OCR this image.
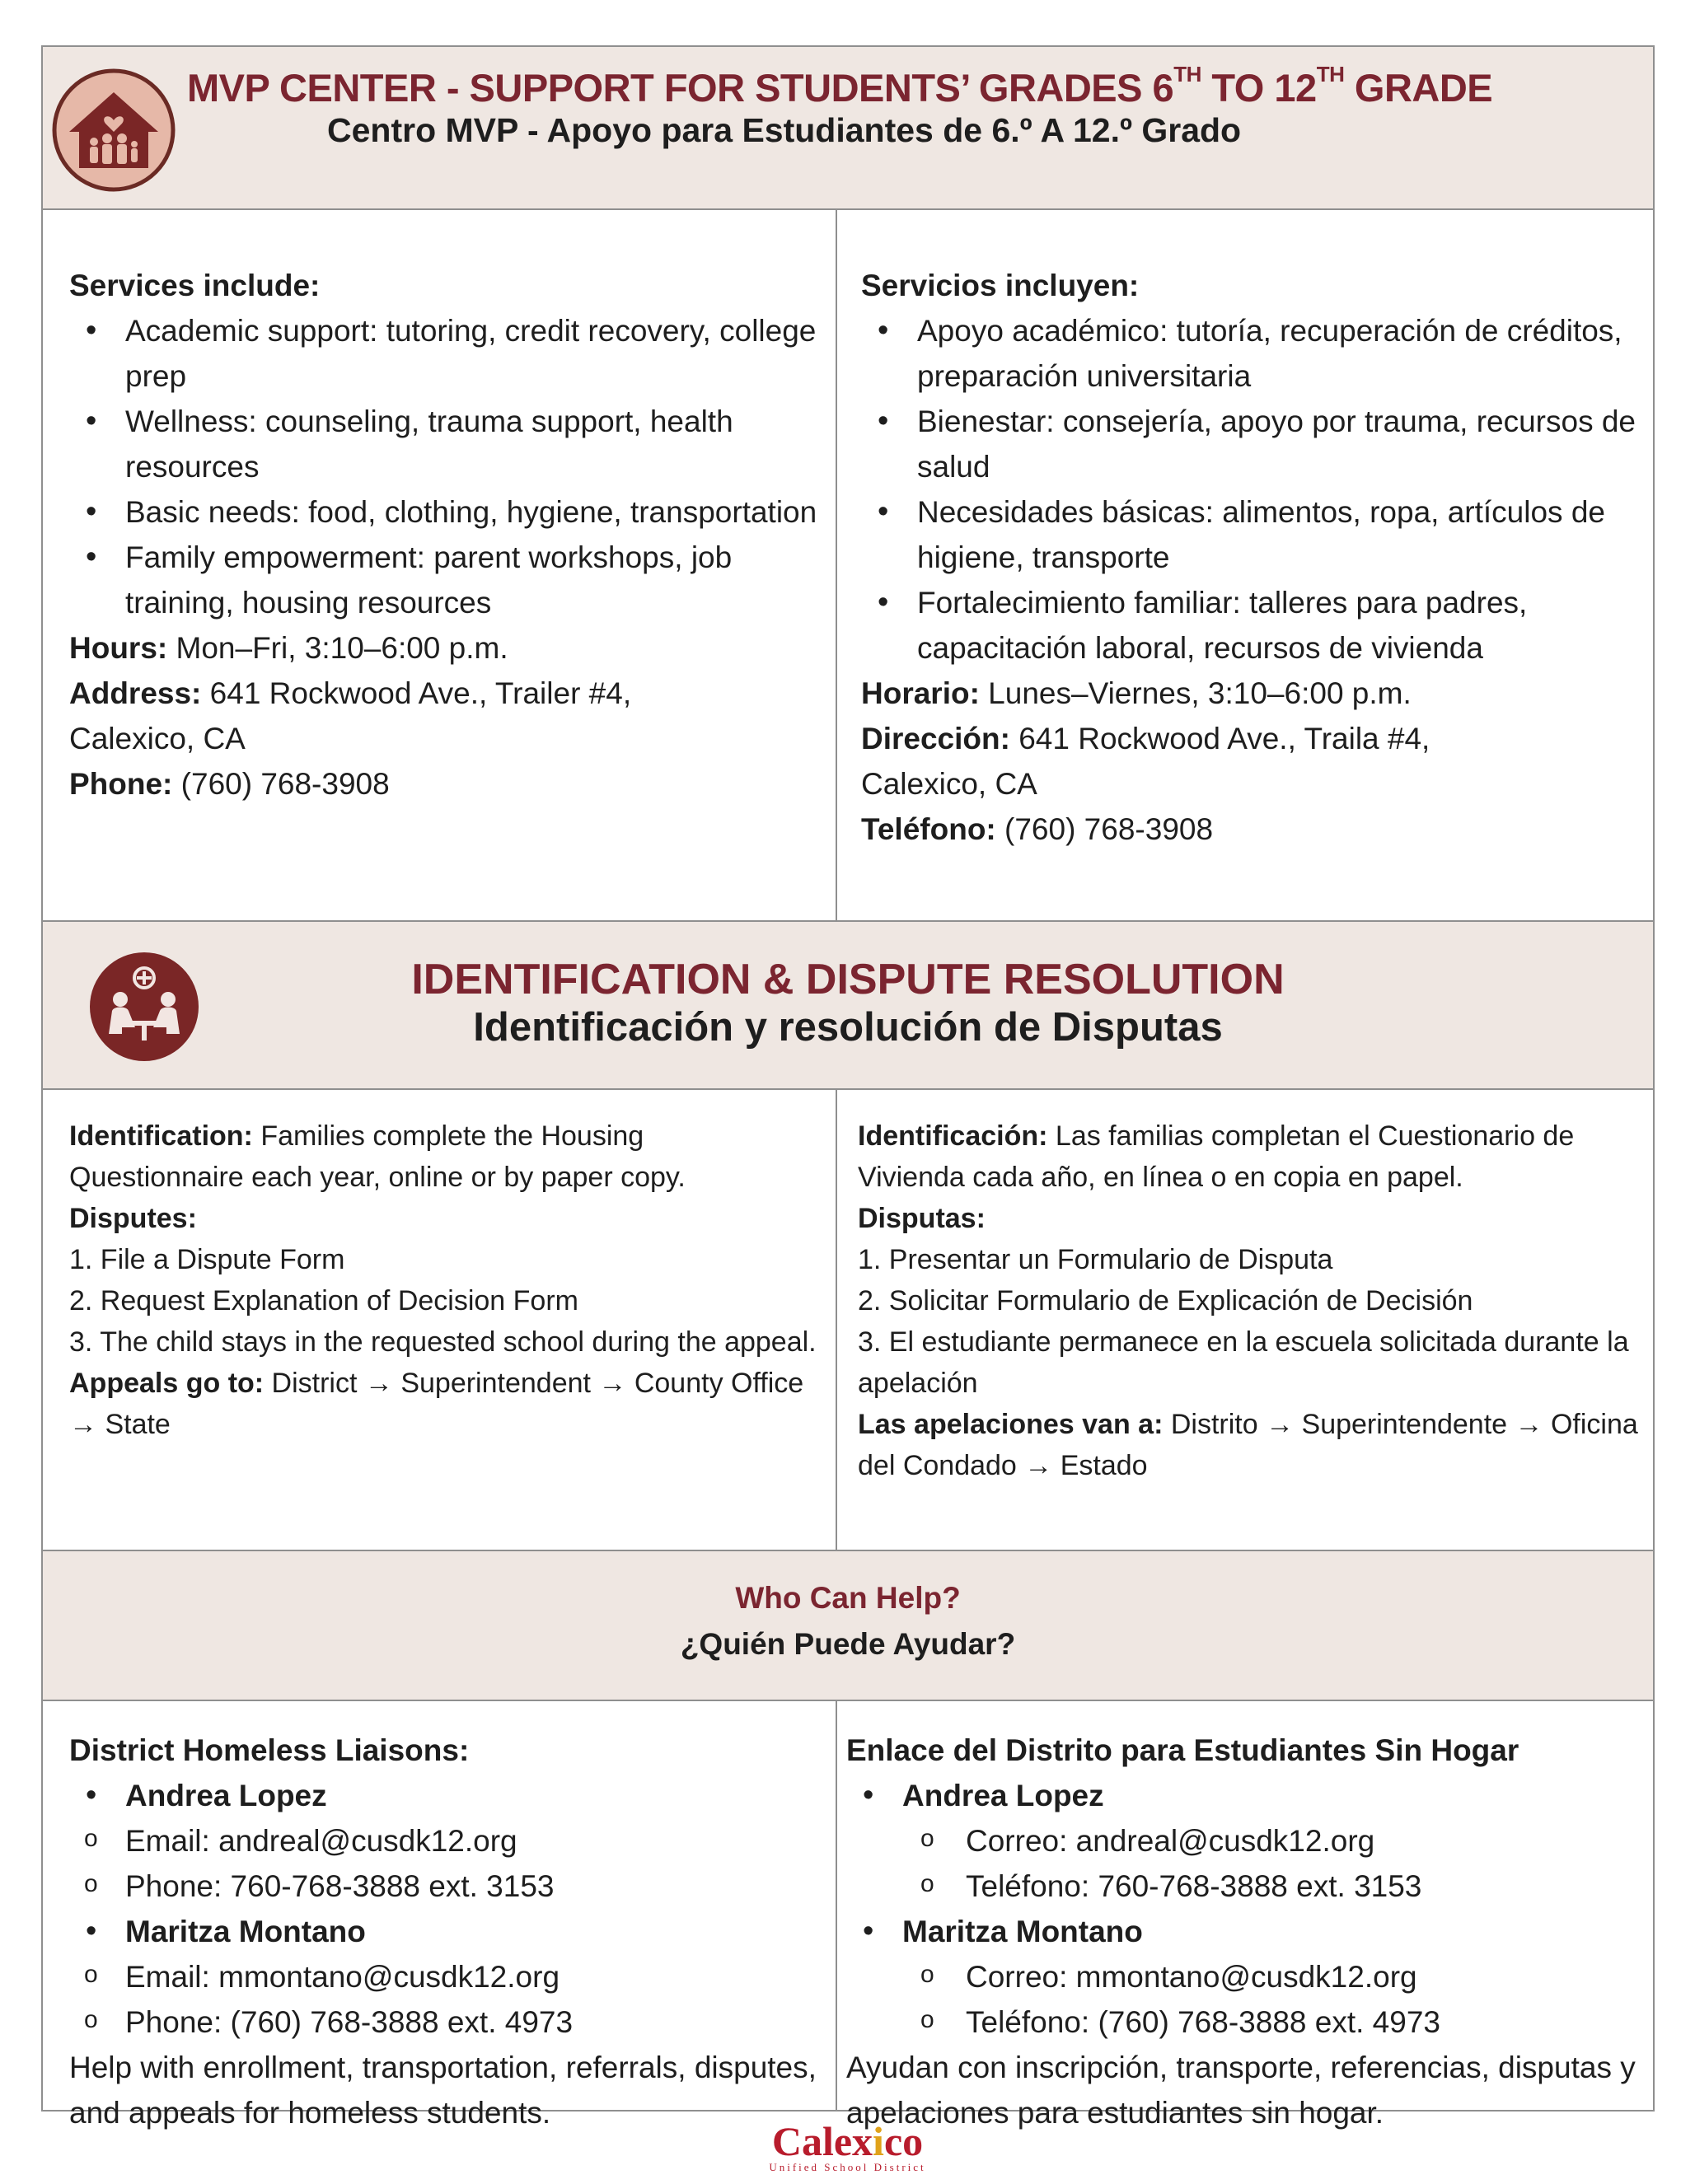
MVP CENTER - SUPPORT FOR STUDENTS’ GRADES 6TH TO 12TH GRADE
Centro MVP - Apoyo para Estudiantes de 6.º A 12.º Grado
Services include:
• Academic support: tutoring, credit recovery, college prep
• Wellness: counseling, trauma support, health resources
• Basic needs: food, clothing, hygiene, transportation
• Family empowerment: parent workshops, job training, housing resources
Hours: Mon–Fri, 3:10–6:00 p.m.
Address: 641 Rockwood Ave., Trailer #4, Calexico, CA
Phone: (760) 768-3908
Servicios incluyen:
• Apoyo académico: tutoría, recuperación de créditos, preparación universitaria
• Bienestar: consejería, apoyo por trauma, recursos de salud
• Necesidades básicas: alimentos, ropa, artículos de higiene, transporte
• Fortalecimiento familiar: talleres para padres, capacitación laboral, recursos de vivienda
Horario: Lunes–Viernes, 3:10–6:00 p.m.
Dirección: 641 Rockwood Ave., Traila #4, Calexico, CA
Teléfono: (760) 768-3908
IDENTIFICATION & DISPUTE RESOLUTION
Identificación y resolución de Disputas
Identification: Families complete the Housing Questionnaire each year, online or by paper copy.
Disputes:
1. File a Dispute Form
2. Request Explanation of Decision Form
3. The child stays in the requested school during the appeal.
Appeals go to: District → Superintendent → County Office → State
Identificación: Las familias completan el Cuestionario de Vivienda cada año, en línea o en copia en papel.
Disputas:
1. Presentar un Formulario de Disputa
2. Solicitar Formulario de Explicación de Decisión
3. El estudiante permanece en la escuela solicitada durante la apelación
Las apelaciones van a: Distrito → Superintendente → Oficina del Condado → Estado
Who Can Help?
¿Quién Puede Ayudar?
District Homeless Liaisons:
• Andrea Lopez
o Email: andreal@cusdk12.org
o Phone: 760-768-3888 ext. 3153
• Maritza Montano
o Email: mmontano@cusdk12.org
o Phone: (760) 768-3888 ext. 4973
Help with enrollment, transportation, referrals, disputes, and appeals for homeless students.
Enlace del Distrito para Estudiantes Sin Hogar
• Andrea Lopez
o Correo: andreal@cusdk12.org
o Teléfono: 760-768-3888 ext. 3153
• Maritza Montano
o Correo: mmontano@cusdk12.org
o Teléfono: (760) 768-3888 ext. 4973
Ayudan con inscripción, transporte, referencias, disputas y apelaciones para estudiantes sin hogar.
Calexico
Unified School District
